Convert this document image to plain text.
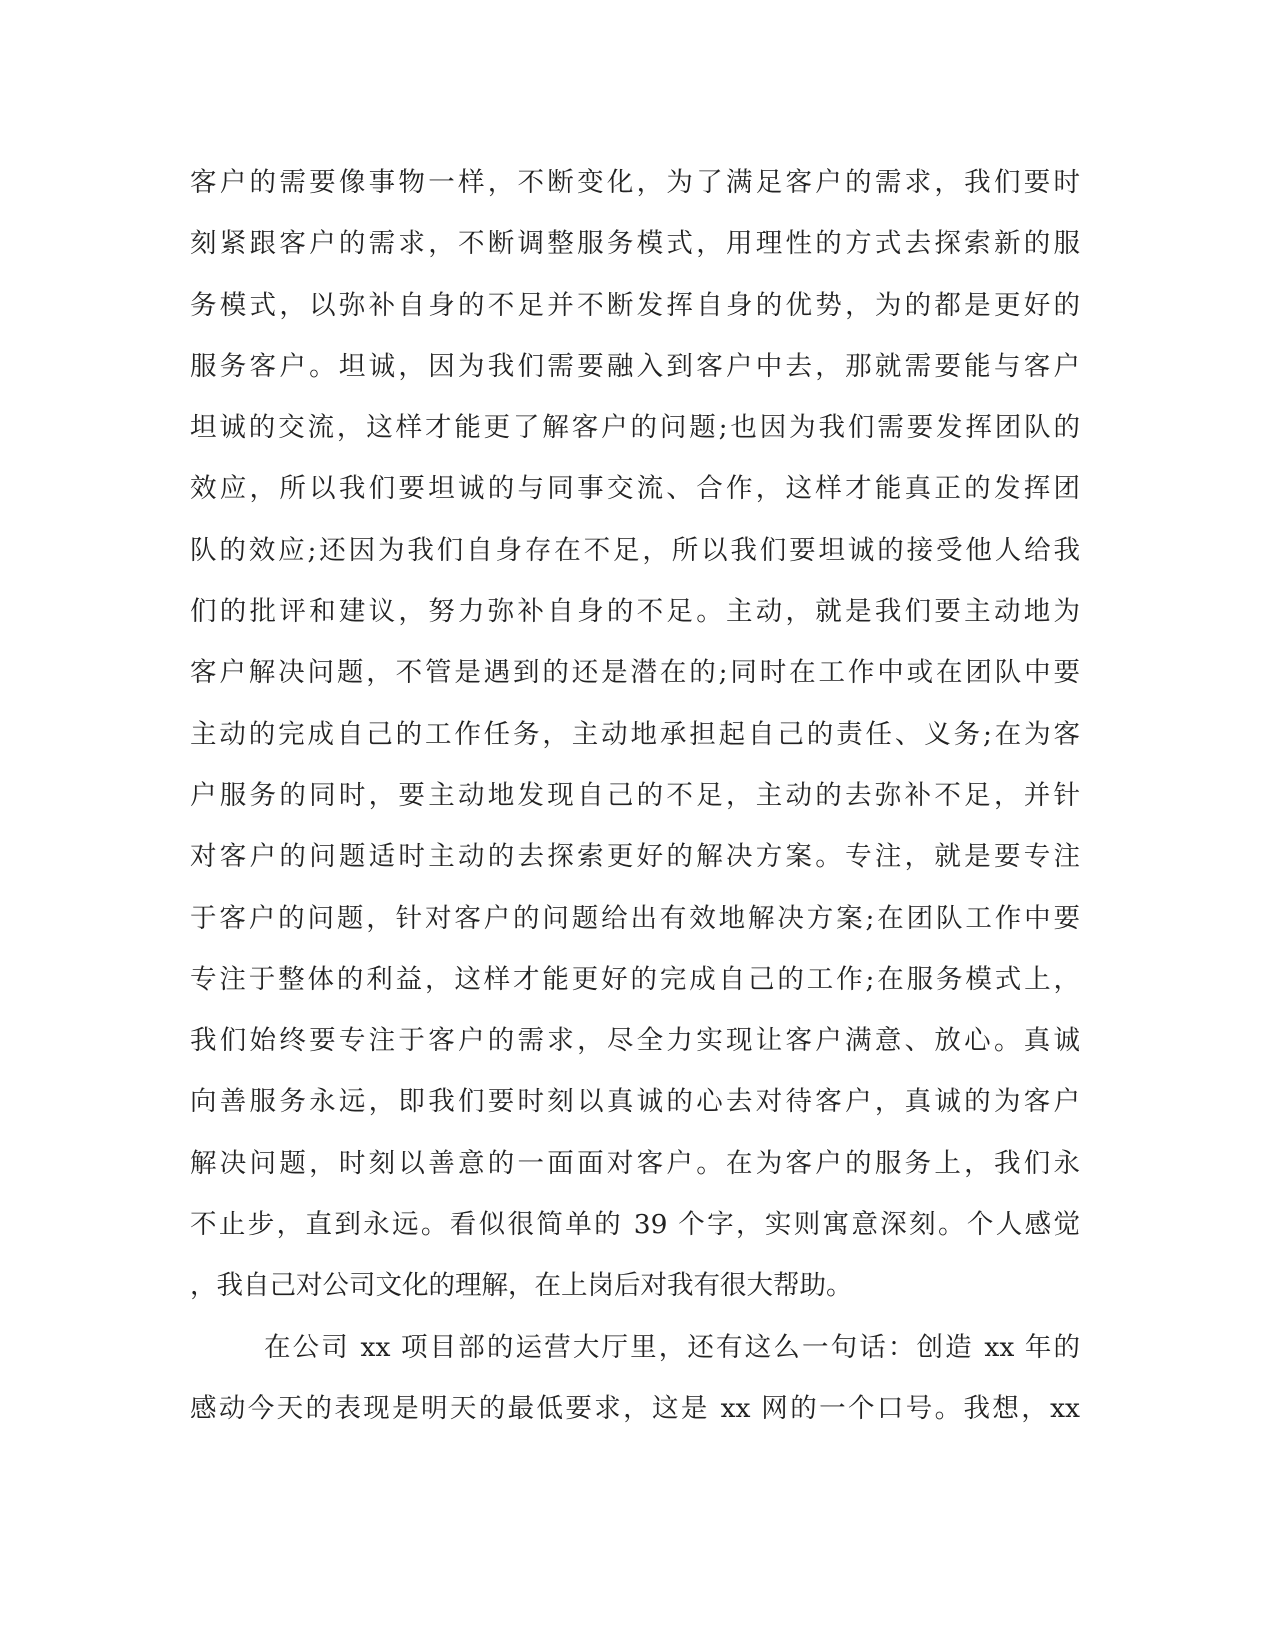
客户的需要像事物一样，不断变化，为了满足客户的需求，我们要时
刻紧跟客户的需求，不断调整服务模式，用理性的方式去探索新的服
务模式，以弥补自身的不足并不断发挥自身的优势，为的都是更好的
服务客户。坦诚，因为我们需要融入到客户中去，那就需要能与客户
坦诚的交流，这样才能更了解客户的问题;也因为我们需要发挥团队的
效应，所以我们要坦诚的与同事交流、合作，这样才能真正的发挥团
队的效应;还因为我们自身存在不足，所以我们要坦诚的接受他人给我
们的批评和建议，努力弥补自身的不足。主动，就是我们要主动地为
客户解决问题，不管是遇到的还是潜在的;同时在工作中或在团队中要
主动的完成自己的工作任务，主动地承担起自己的责任、义务;在为客
户服务的同时，要主动地发现自己的不足，主动的去弥补不足，并针
对客户的问题适时主动的去探索更好的解决方案。专注，就是要专注
于客户的问题，针对客户的问题给出有效地解决方案;在团队工作中要
专注于整体的利益，这样才能更好的完成自己的工作;在服务模式上，
我们始终要专注于客户的需求，尽全力实现让客户满意、放心。真诚
向善服务永远，即我们要时刻以真诚的心去对待客户，真诚的为客户
解决问题，时刻以善意的一面面对客户。在为客户的服务上，我们永
不止步，直到永远。看似很简单的 39 个字，实则寓意深刻。个人感觉
，我自己对公司文化的理解，在上岗后对我有很大帮助。
在公司 xx 项目部的运营大厅里，还有这么一句话：创造 xx 年的
感动今天的表现是明天的最低要求，这是 xx 网的一个口号。我想，xx
